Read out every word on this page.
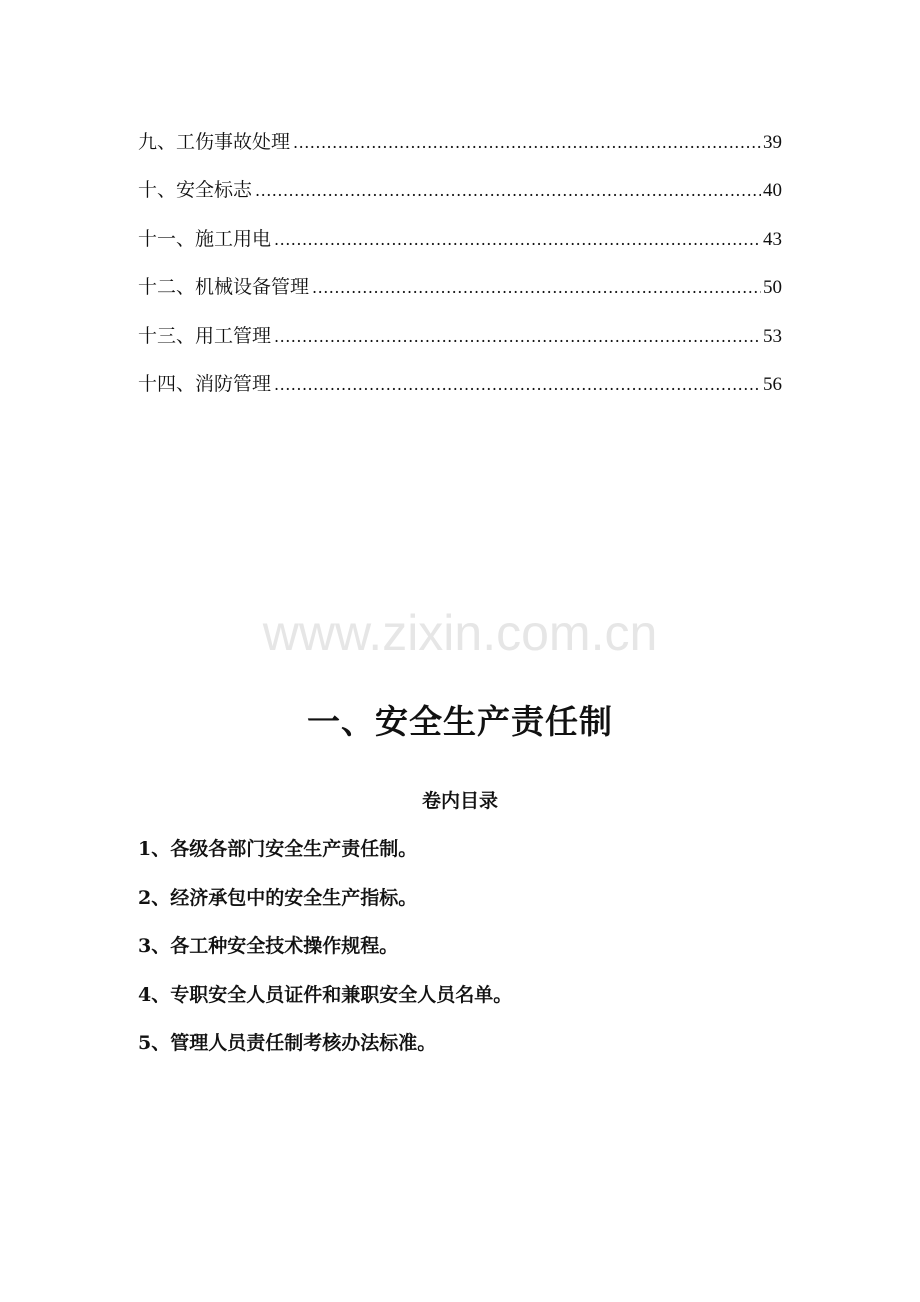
九、工伤事故处理 .....	39
十、安全标志 .....	40
十一、施工用电 .....	43
十二、机械设备管理 .....	50
十三、用工管理 .....	53
十四、消防管理 .....	56
www.zixin.com.cn
一、安全生产责任制
卷内目录
1、各级各部门安全生产责任制。
2、经济承包中的安全生产指标。
3、各工种安全技术操作规程。
4、专职安全人员证件和兼职安全人员名单。
5、管理人员责任制考核办法标准。
